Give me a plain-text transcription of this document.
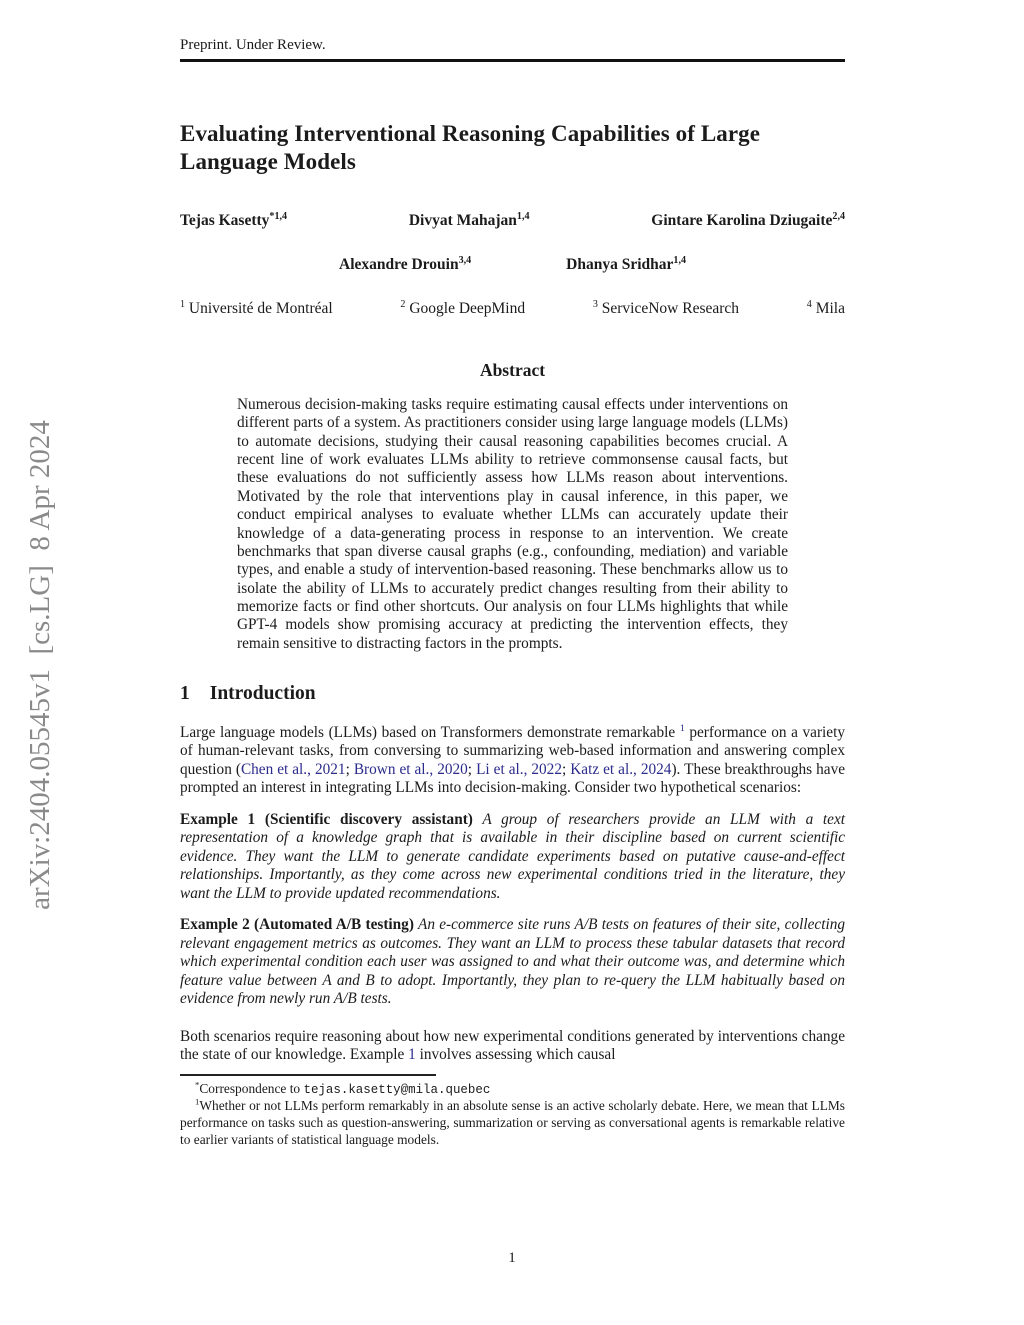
arXiv:2404.05545v1  [cs.LG]  8 Apr 2024
Preprint. Under Review.
Evaluating Interventional Reasoning Capabilities of Large Language Models
Tejas Kasetty$^{*1,4}$	Divyat Mahajan$^{1,4}$	Gintare Karolina Dziugaite$^{2,4}$
Alexandre Drouin$^{3,4}$	Dhanya Sridhar$^{1,4}$
$^1$ Université de Montréal	$^2$ Google DeepMind	$^3$ ServiceNow Research	$^4$ Mila
Abstract
Numerous decision-making tasks require estimating causal effects under interventions on different parts of a system. As practitioners consider using large language models (LLMs) to automate decisions, studying their causal reasoning capabilities becomes crucial. A recent line of work evaluates LLMs ability to retrieve commonsense causal facts, but these evaluations do not sufficiently assess how LLMs reason about interventions. Motivated by the role that interventions play in causal inference, in this paper, we conduct empirical analyses to evaluate whether LLMs can accurately update their knowledge of a data-generating process in response to an intervention. We create benchmarks that span diverse causal graphs (e.g., confounding, mediation) and variable types, and enable a study of intervention-based reasoning. These benchmarks allow us to isolate the ability of LLMs to accurately predict changes resulting from their ability to memorize facts or find other shortcuts. Our analysis on four LLMs highlights that while GPT-4 models show promising accuracy at predicting the intervention effects, they remain sensitive to distracting factors in the prompts.
1 Introduction
Large language models (LLMs) based on Transformers demonstrate remarkable $^1$ performance on a variety of human-relevant tasks, from conversing to summarizing web-based information and answering complex question (Chen et al., 2021; Brown et al., 2020; Li et al., 2022; Katz et al., 2024). These breakthroughs have prompted an interest in integrating LLMs into decision-making. Consider two hypothetical scenarios:
Example 1 (Scientific discovery assistant) A group of researchers provide an LLM with a text representation of a knowledge graph that is available in their discipline based on current scientific evidence. They want the LLM to generate candidate experiments based on putative cause-and-effect relationships. Importantly, as they come across new experimental conditions tried in the literature, they want the LLM to provide updated recommendations.
Example 2 (Automated A/B testing) An e-commerce site runs A/B tests on features of their site, collecting relevant engagement metrics as outcomes. They want an LLM to process these tabular datasets that record which experimental condition each user was assigned to and what their outcome was, and determine which feature value between A and B to adopt. Importantly, they plan to re-query the LLM habitually based on evidence from newly run A/B tests.
Both scenarios require reasoning about how new experimental conditions generated by interventions change the state of our knowledge. Example 1 involves assessing which causal
*Correspondence to tejas.kasetty@mila.quebec
$^1$Whether or not LLMs perform remarkably in an absolute sense is an active scholarly debate. Here, we mean that LLMs performance on tasks such as question-answering, summarization or serving as conversational agents is remarkable relative to earlier variants of statistical language models.
1
